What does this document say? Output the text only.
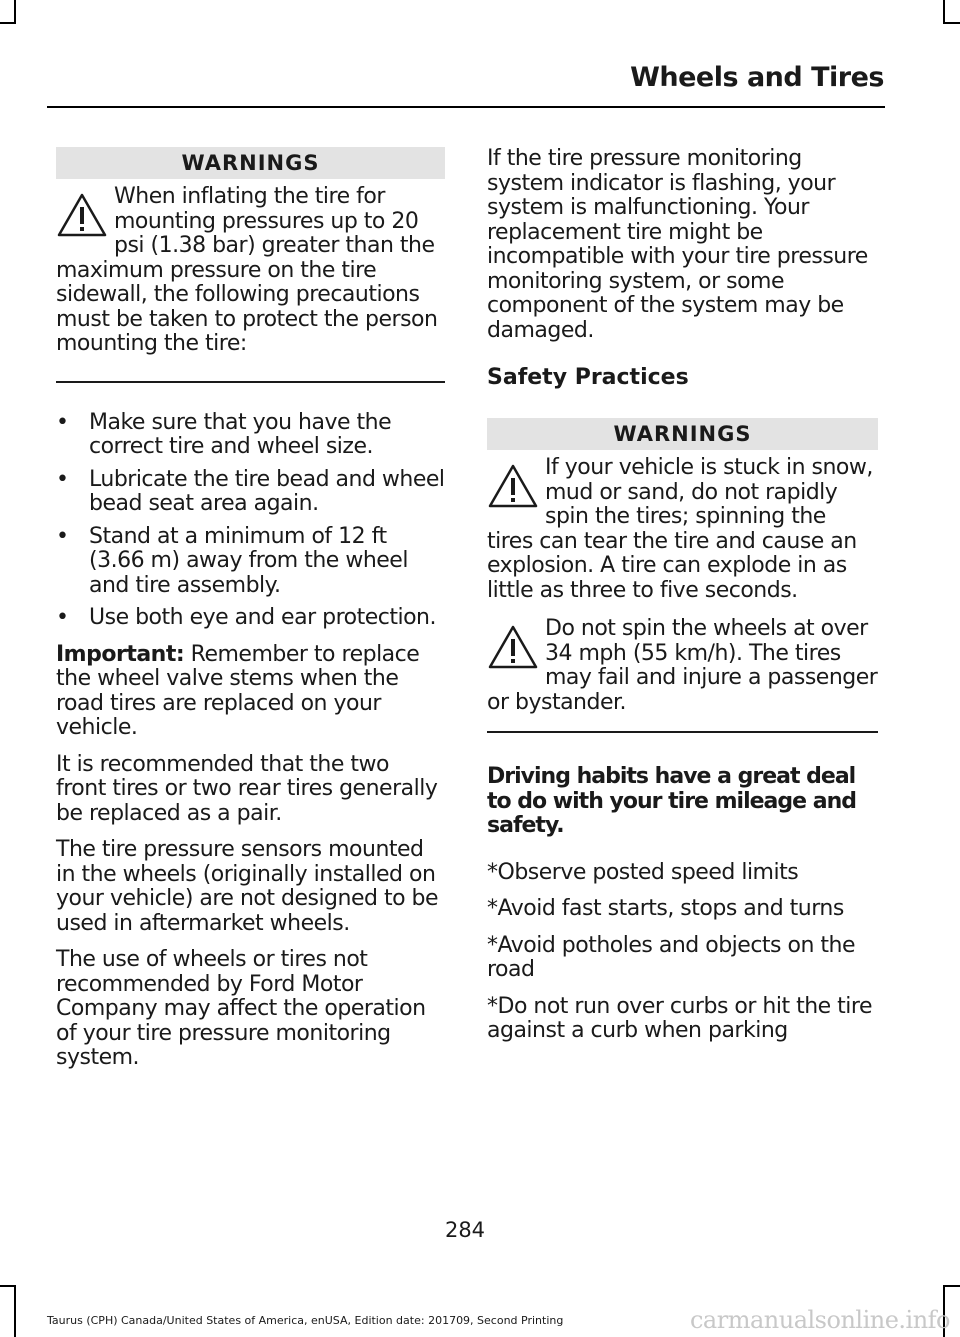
Wheels and Tires
WARNINGS
When inflating the tire for mounting pressures up to 20 psi (1.38 bar) greater than the maximum pressure on the tire sidewall, the following precautions must be taken to protect the person mounting the tire:
• Make sure that you have the correct tire and wheel size.
• Lubricate the tire bead and wheel bead seat area again.
• Stand at a minimum of 12 ft (3.66 m) away from the wheel and tire assembly.
• Use both eye and ear protection.

Important: Remember to replace the wheel valve stems when the road tires are replaced on your vehicle.

It is recommended that the two front tires or two rear tires generally be replaced as a pair.

The tire pressure sensors mounted in the wheels (originally installed on your vehicle) are not designed to be used in aftermarket wheels.

The use of wheels or tires not recommended by Ford Motor Company may affect the operation of your tire pressure monitoring system.

If the tire pressure monitoring system indicator is flashing, your system is malfunctioning. Your replacement tire might be incompatible with your tire pressure monitoring system, or some component of the system may be damaged.

Safety Practices
WARNINGS
If your vehicle is stuck in snow, mud or sand, do not rapidly spin the tires; spinning the tires can tear the tire and cause an explosion. A tire can explode in as little as three to five seconds.
Do not spin the wheels at over 34 mph (55 km/h). The tires may fail and injure a passenger or bystander.
Driving habits have a great deal to do with your tire mileage and safety.

*Observe posted speed limits

*Avoid fast starts, stops and turns

*Avoid potholes and objects on the road

*Do not run over curbs or hit the tire against a curb when parking

284
Taurus (CPH) Canada/United States of America, enUSA, Edition date: 201709, Second Printing	carmanualsonline.info
